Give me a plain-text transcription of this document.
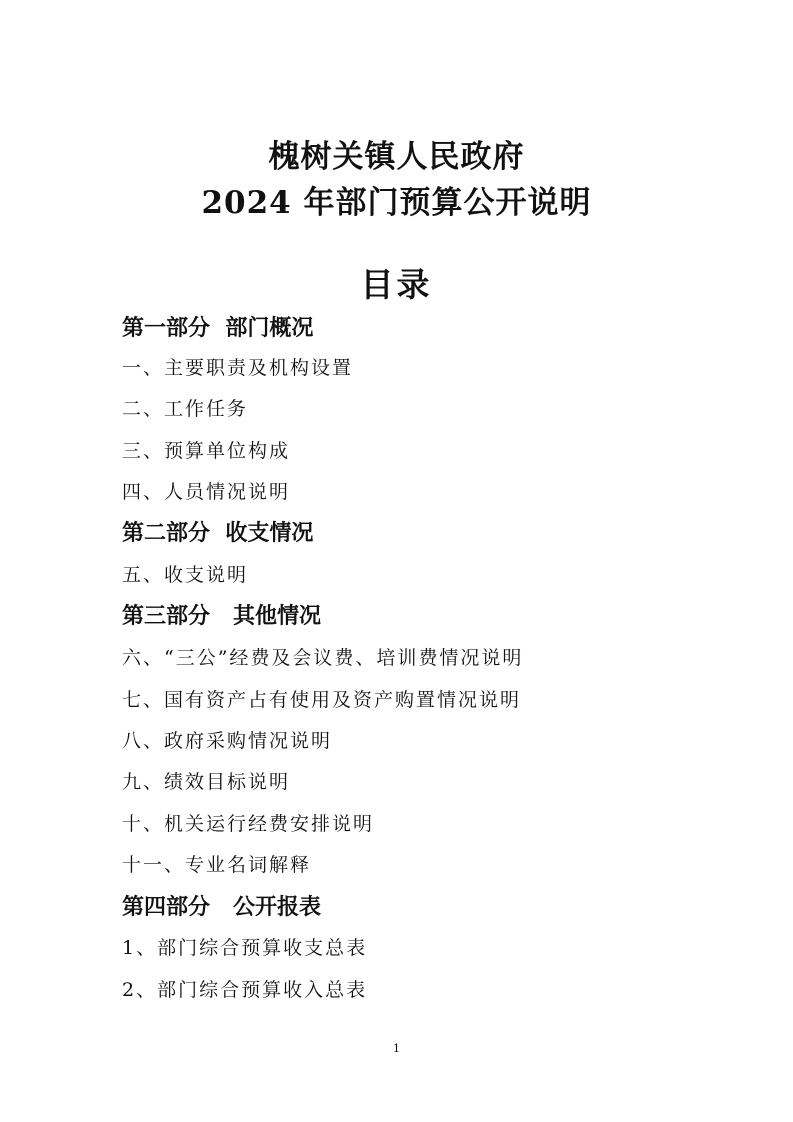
槐树关镇人民政府
2024 年部门预算公开说明
目录
第一部分  部门概况
一、主要职责及机构设置
二、工作任务
三、预算单位构成
四、人员情况说明
第二部分  收支情况
五、收支说明
第三部分   其他情况
六、“三公”经费及会议费、培训费情况说明
七、国有资产占有使用及资产购置情况说明
八、政府采购情况说明
九、绩效目标说明
十、机关运行经费安排说明
十一、专业名词解释
第四部分   公开报表
1、部门综合预算收支总表
2、部门综合预算收入总表
1
